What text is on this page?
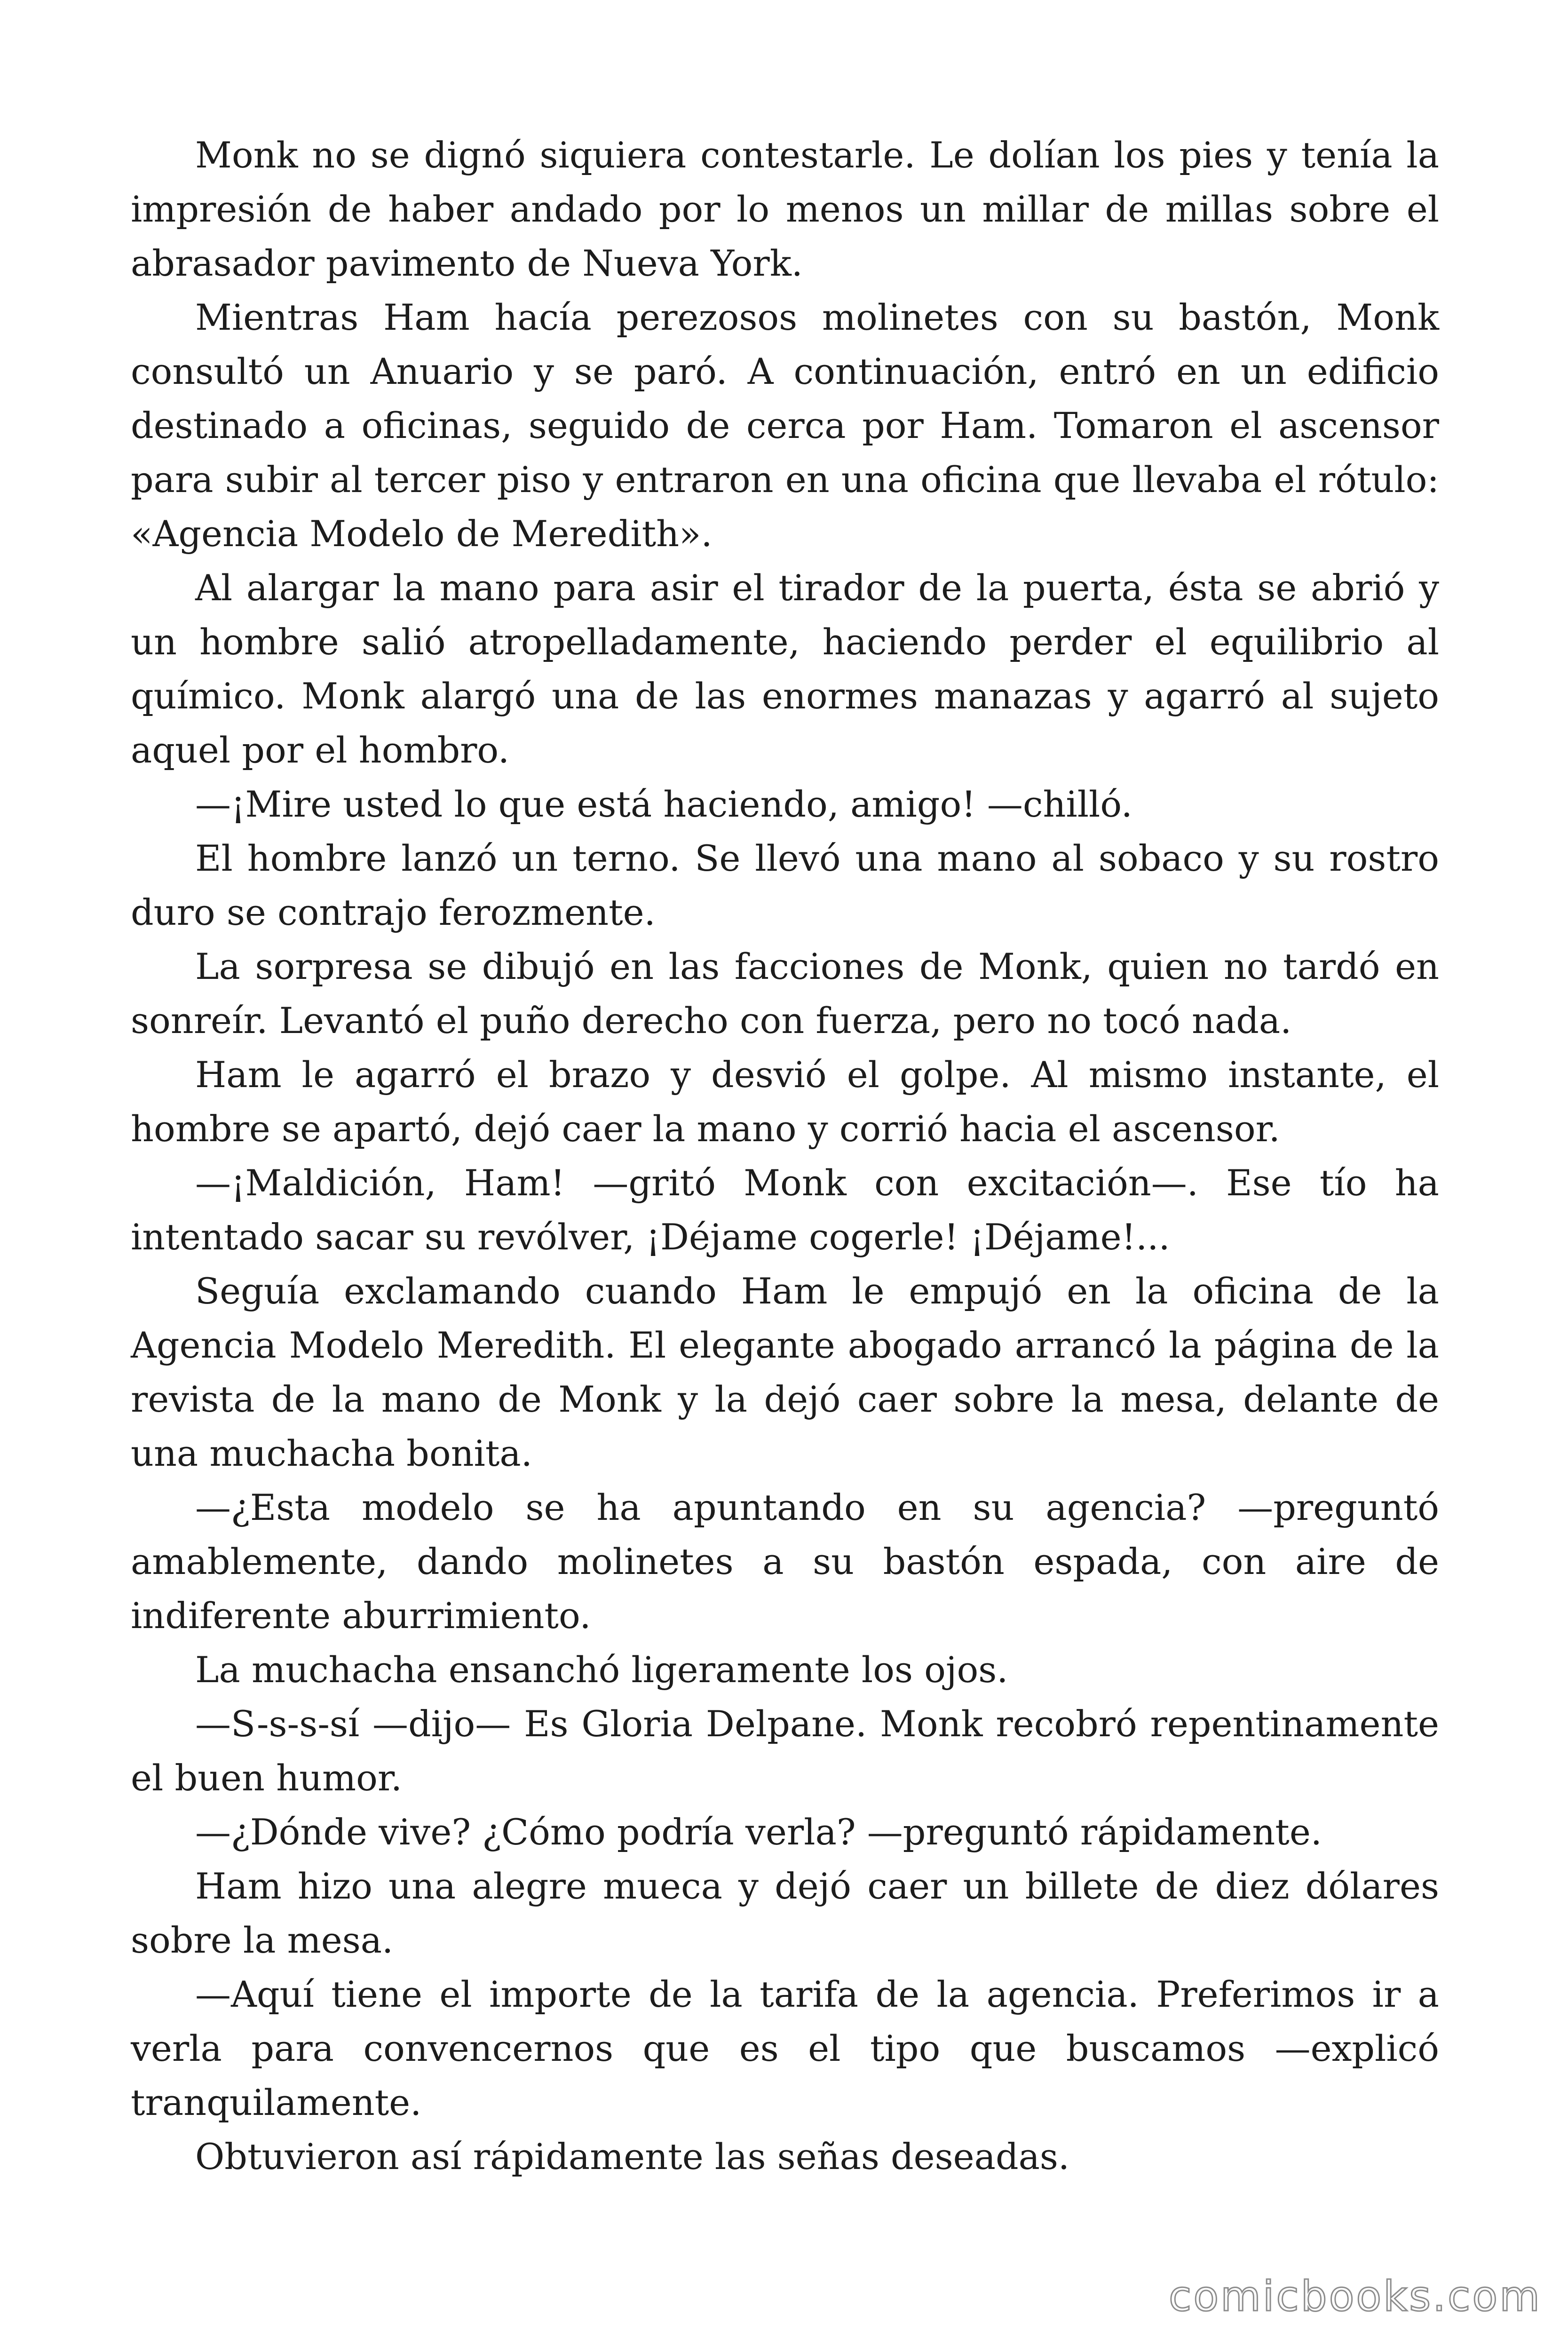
Monk no se dignó siquiera contestarle. Le dolían los pies y tenía la impresión de haber andado por lo menos un millar de millas sobre el abrasador pavimento de Nueva York.

Mientras Ham hacía perezosos molinetes con su bastón, Monk consultó un Anuario y se paró. A continuación, entró en un edificio destinado a oficinas, seguido de cerca por Ham. Tomaron el ascensor para subir al tercer piso y entraron en una oficina que llevaba el rótulo: «Agencia Modelo de Meredith».

Al alargar la mano para asir el tirador de la puerta, ésta se abrió y un hombre salió atropelladamente, haciendo perder el equilibrio al químico. Monk alargó una de las enormes manazas y agarró al sujeto aquel por el hombro.

—¡Mire usted lo que está haciendo, amigo! —chilló.

El hombre lanzó un terno. Se llevó una mano al sobaco y su rostro duro se contrajo ferozmente.

La sorpresa se dibujó en las facciones de Monk, quien no tardó en sonreír. Levantó el puño derecho con fuerza, pero no tocó nada.

Ham le agarró el brazo y desvió el golpe. Al mismo instante, el hombre se apartó, dejó caer la mano y corrió hacia el ascensor.

—¡Maldición, Ham! —gritó Monk con excitación—. Ese tío ha intentado sacar su revólver, ¡Déjame cogerle! ¡Déjame!...

Seguía exclamando cuando Ham le empujó en la oficina de la Agencia Modelo Meredith. El elegante abogado arrancó la página de la revista de la mano de Monk y la dejó caer sobre la mesa, delante de una muchacha bonita.

—¿Esta modelo se ha apuntando en su agencia? —preguntó amablemente, dando molinetes a su bastón espada, con aire de indiferente aburrimiento.

La muchacha ensanchó ligeramente los ojos.

—S-s-s-sí —dijo— Es Gloria Delpane. Monk recobró repentinamente el buen humor.

—¿Dónde vive? ¿Cómo podría verla? —preguntó rápidamente.

Ham hizo una alegre mueca y dejó caer un billete de diez dólares sobre la mesa.

—Aquí tiene el importe de la tarifa de la agencia. Preferimos ir a verla para convencernos que es el tipo que buscamos —explicó tranquilamente.

Obtuvieron así rápidamente las señas deseadas.

comicbooks.com
